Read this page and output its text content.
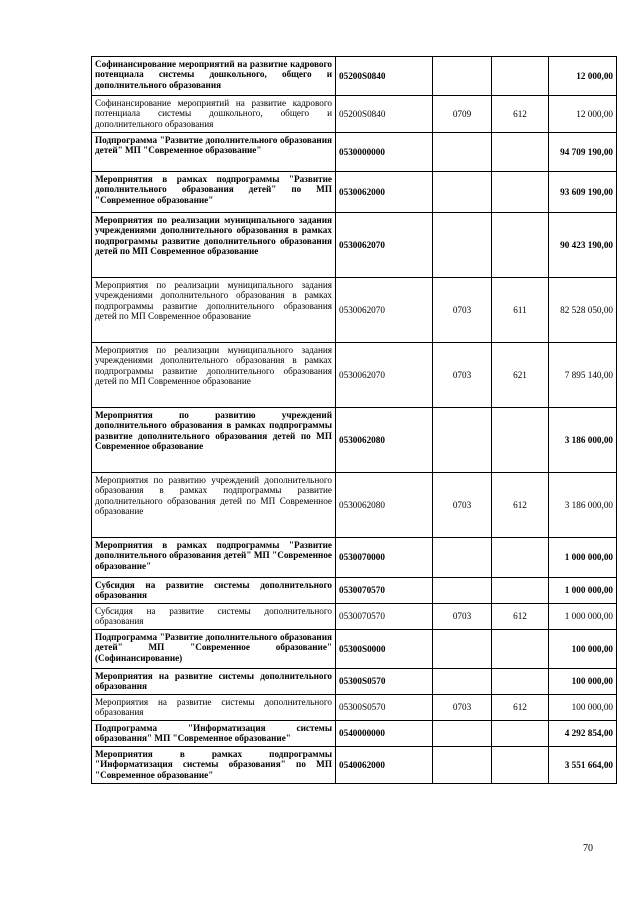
Софинансирование мероприятий на развитие кадрового потенциала системы дошкольного, общего и дополнительного образования	05200S0840			12 000,00
Софинансирование мероприятий на развитие кадрового потенциала системы дошкольного, общего и дополнительного образования	05200S0840	0709	612	12 000,00
Подпрограмма "Развитие дополнительного образования детей" МП "Современное образование"	0530000000			94 709 190,00
Мероприятия в рамках подпрограммы "Развитие дополнительного образования детей" по МП "Современное образование"	0530062000			93 609 190,00
Мероприятия по реализации муниципального задания учреждениями дополнительного образования в рамках подпрограммы развитие дополнительного образования детей по МП Современное образование	0530062070			90 423 190,00
Мероприятия по реализации муниципального задания учреждениями дополнительного образования в рамках подпрограммы развитие дополнительного образования детей по МП Современное образование	0530062070	0703	611	82 528 050,00
Мероприятия по реализации муниципального задания учреждениями дополнительного образования в рамках подпрограммы развитие дополнительного образования детей по МП Современное образование	0530062070	0703	621	7 895 140,00
Мероприятия по развитию учреждений дополнительного образования в рамках подпрограммы развитие дополнительного образования детей по МП Современное образование	0530062080			3 186 000,00
Мероприятия по развитию учреждений дополнительного образования в рамках подпрограммы развитие дополнительного образования детей по МП Современное образование	0530062080	0703	612	3 186 000,00
Мероприятия в рамках подпрограммы "Развитие дополнительного образования детей" МП "Современное образование"	0530070000			1 000 000,00
Субсидия на развитие системы дополнительного образования	0530070570			1 000 000,00
Субсидия на развитие системы дополнительного образования	0530070570	0703	612	1 000 000,00
Подпрограмма "Развитие дополнительного образования детей" МП "Современное образование" (Софинансирование)	05300S0000			100 000,00
Мероприятия на развитие системы дополнительного образования	05300S0570			100 000,00
Мероприятия на развитие системы дополнительного образования	05300S0570	0703	612	100 000,00
Подпрограмма "Информатизация системы образования" МП "Современное образование"	0540000000			4 292 854,00
Мероприятия в рамках подпрограммы "Информатизация системы образования" по МП "Современное образование"	0540062000			3 551 664,00
70
